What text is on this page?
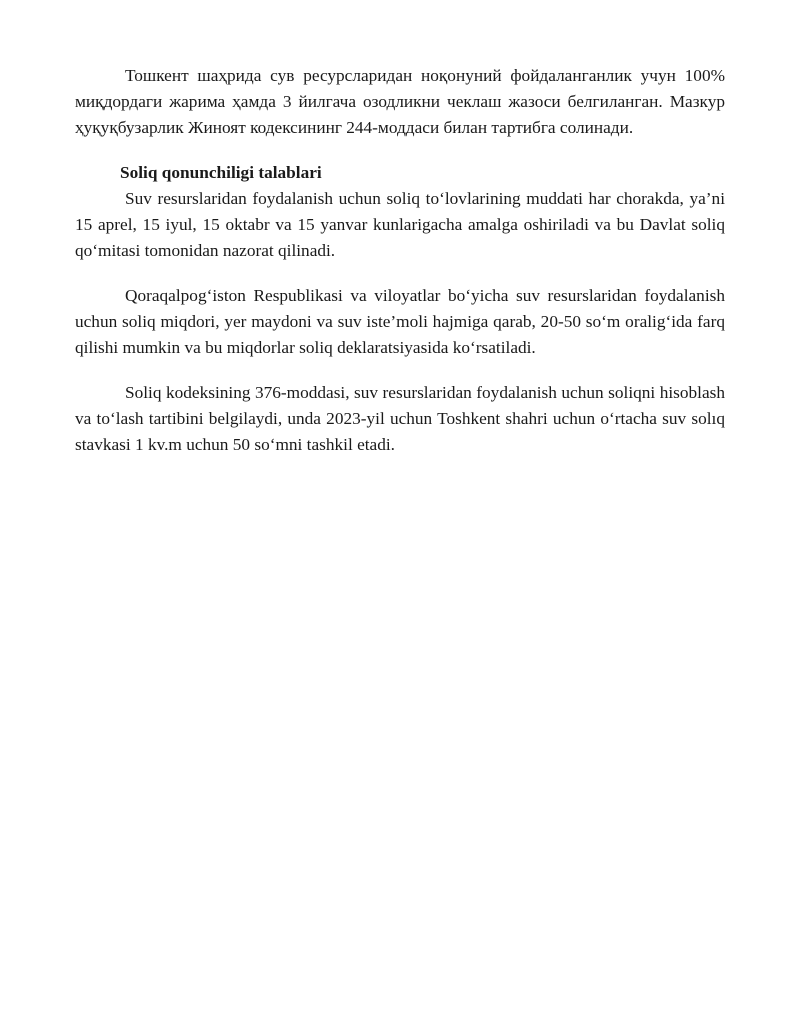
Тошкент шаҳрида сув ресурсларидан ноқонуний фойдаланганлик учун 100% миқдордаги жарима ҳамда 3 йилгача озодликни чеклаш жазоси белгиланган. Мазкур ҳуқуқбузарлик Жиноят кодексининг 244-моддаси билан тартибга солинади.

Soliq qonunchiligi talablari

Suv resurslaridan foydalanish uchun soliq to‘lovlarining muddati har chorakda, ya’ni 15 aprel, 15 iyul, 15 oktabr va 15 yanvar kunlarigacha amalga oshiriladi va bu Davlat soliq qo‘mitasi tomonidan nazorat qilinadi.

Qoraqalpog‘iston Respublikasi va viloyatlar bo‘yicha suv resurslaridan foydalanish uchun soliq miqdori, yer maydoni va suv iste’moli hajmiga qarab, 20-50 so‘m oralig‘ida farq qilishi mumkin va bu miqdorlar soliq deklaratsiyasida ko‘rsatiladi.

Soliq kodeksining 376-moddasi, suv resurslaridan foydalanish uchun soliqni hisoblash va to‘lash tartibini belgilaydi, unda 2023-yil uchun Toshkent shahri uchun o‘rtacha suv solıq stavkasi 1 kv.m uchun 50 so‘mni tashkil etadi.
